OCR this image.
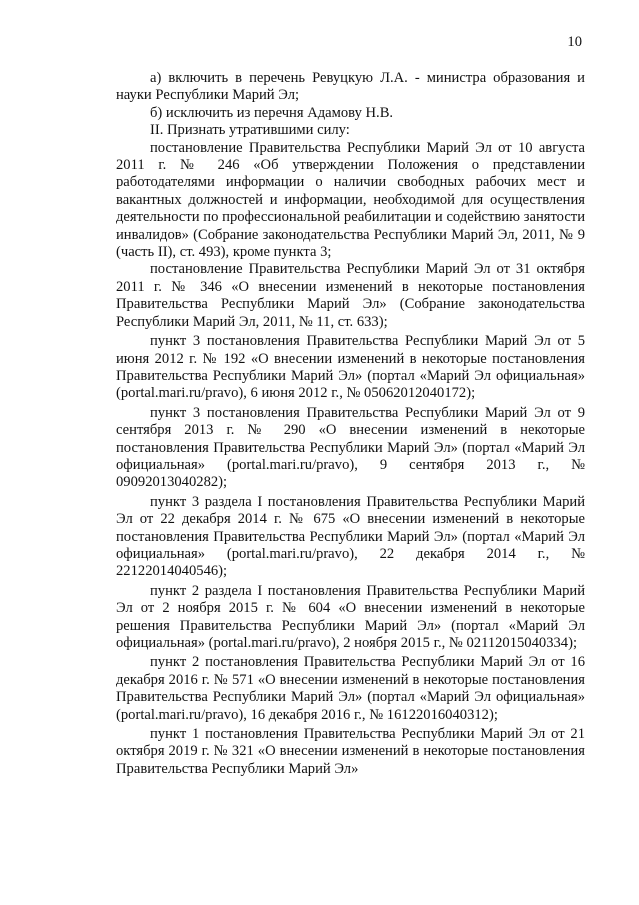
10

а) включить в перечень Ревуцкую Л.А. - министра образования и науки Республики Марий Эл;

б) исключить из перечня Адамову Н.В.

II. Признать утратившими силу:

постановление Правительства Республики Марий Эл от 10 августа 2011 г. № 246 «Об утверждении Положения о представлении работодателями информации о наличии свободных рабочих мест и вакантных должностей и информации, необходимой для осуществления деятельности по профессиональной реабилитации и содействию занятости инвалидов» (Собрание законодательства Республики Марий Эл, 2011, № 9 (часть II), ст. 493), кроме пункта 3;

постановление Правительства Республики Марий Эл от 31 октября 2011 г. № 346 «О внесении изменений в некоторые постановления Правительства Республики Марий Эл» (Собрание законодательства Республики Марий Эл, 2011, № 11, ст. 633);

пункт 3 постановления Правительства Республики Марий Эл от 5 июня 2012 г. № 192 «О внесении изменений в некоторые постановления Правительства Республики Марий Эл» (портал «Марий Эл официальная» (portal.mari.ru/pravo), 6 июня 2012 г., № 05062012040172);

пункт 3 постановления Правительства Республики Марий Эл от 9 сентября 2013 г. № 290 «О внесении изменений в некоторые постановления Правительства Республики Марий Эл» (портал «Марий Эл официальная» (portal.mari.ru/pravo), 9 сентября 2013 г., № 09092013040282);

пункт 3 раздела I постановления Правительства Республики Марий Эл от 22 декабря 2014 г. № 675 «О внесении изменений в некоторые постановления Правительства Республики Марий Эл» (портал «Марий Эл официальная» (portal.mari.ru/pravo), 22 декабря 2014 г., № 22122014040546);

пункт 2 раздела I постановления Правительства Республики Марий Эл от 2 ноября 2015 г. № 604 «О внесении изменений в некоторые решения Правительства Республики Марий Эл» (портал «Марий Эл официальная» (portal.mari.ru/pravo), 2 ноября 2015 г., № 02112015040334);

пункт 2 постановления Правительства Республики Марий Эл от 16 декабря 2016 г. № 571 «О внесении изменений в некоторые постановления Правительства Республики Марий Эл» (портал «Марий Эл официальная» (portal.mari.ru/pravo), 16 декабря 2016 г., № 16122016040312);

пункт 1 постановления Правительства Республики Марий Эл от 21 октября 2019 г. № 321 «О внесении изменений в некоторые постановления Правительства Республики Марий Эл»
